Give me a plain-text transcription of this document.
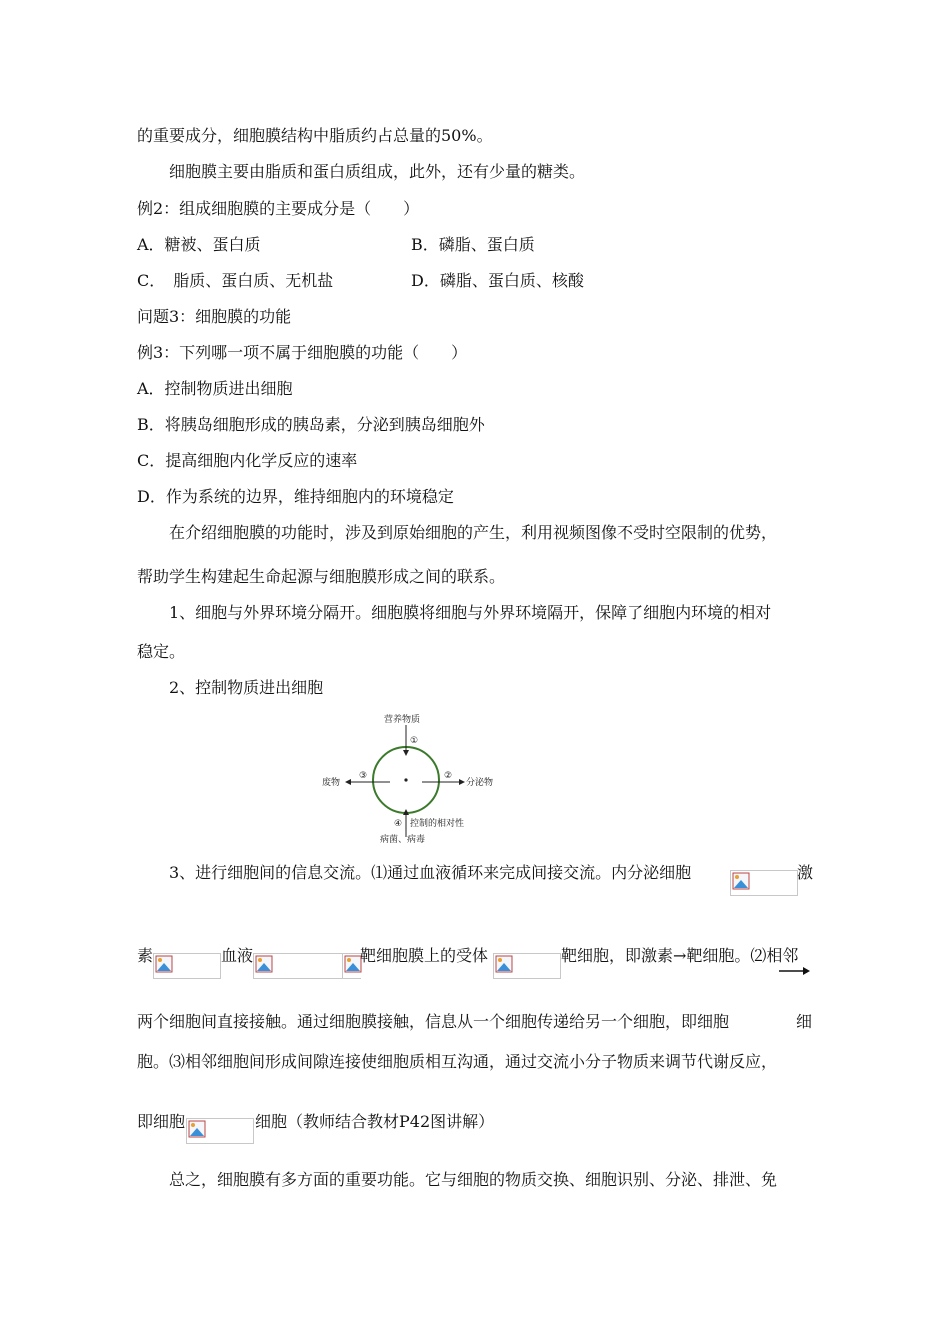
的重要成分，细胞膜结构中脂质约占总量的50%。
细胞膜主要由脂质和蛋白质组成，此外，还有少量的糖类。
例2：组成细胞膜的主要成分是（　　）
A．糖被、蛋白质	B．磷脂、蛋白质
C．　脂质、蛋白质、无机盐	D．磷脂、蛋白质、核酸
问题3：细胞膜的功能
例3：下列哪一项不属于细胞膜的功能（　　）
A．控制物质进出细胞
B．将胰岛细胞形成的胰岛素，分泌到胰岛细胞外
C．提高细胞内化学反应的速率
D．作为系统的边界，维持细胞内的环境稳定
在介绍细胞膜的功能时，涉及到原始细胞的产生，利用视频图像不受时空限制的优势，
帮助学生构建起生命起源与细胞膜形成之间的联系。
1、细胞与外界环境分隔开。细胞膜将细胞与外界环境隔开，保障了细胞内环境的相对
稳定。
2、控制物质进出细胞
营养物质
①
②
分泌物
③
废物
④ 控制的相对性
病菌、病毒
3、进行细胞间的信息交流。⑴通过血液循环来完成间接交流。内分泌细胞	激
素	血液	靶细胞膜上的受体	靶细胞，即激素→靶细胞。⑵相邻
两个细胞间直接接触。通过细胞膜接触，信息从一个细胞传递给另一个细胞，即细胞	细
胞。⑶相邻细胞间形成间隙连接使细胞质相互沟通，通过交流小分子物质来调节代谢反应，
即细胞	细胞（教师结合教材P42图讲解）
总之，细胞膜有多方面的重要功能。它与细胞的物质交换、细胞识别、分泌、排泄、免
